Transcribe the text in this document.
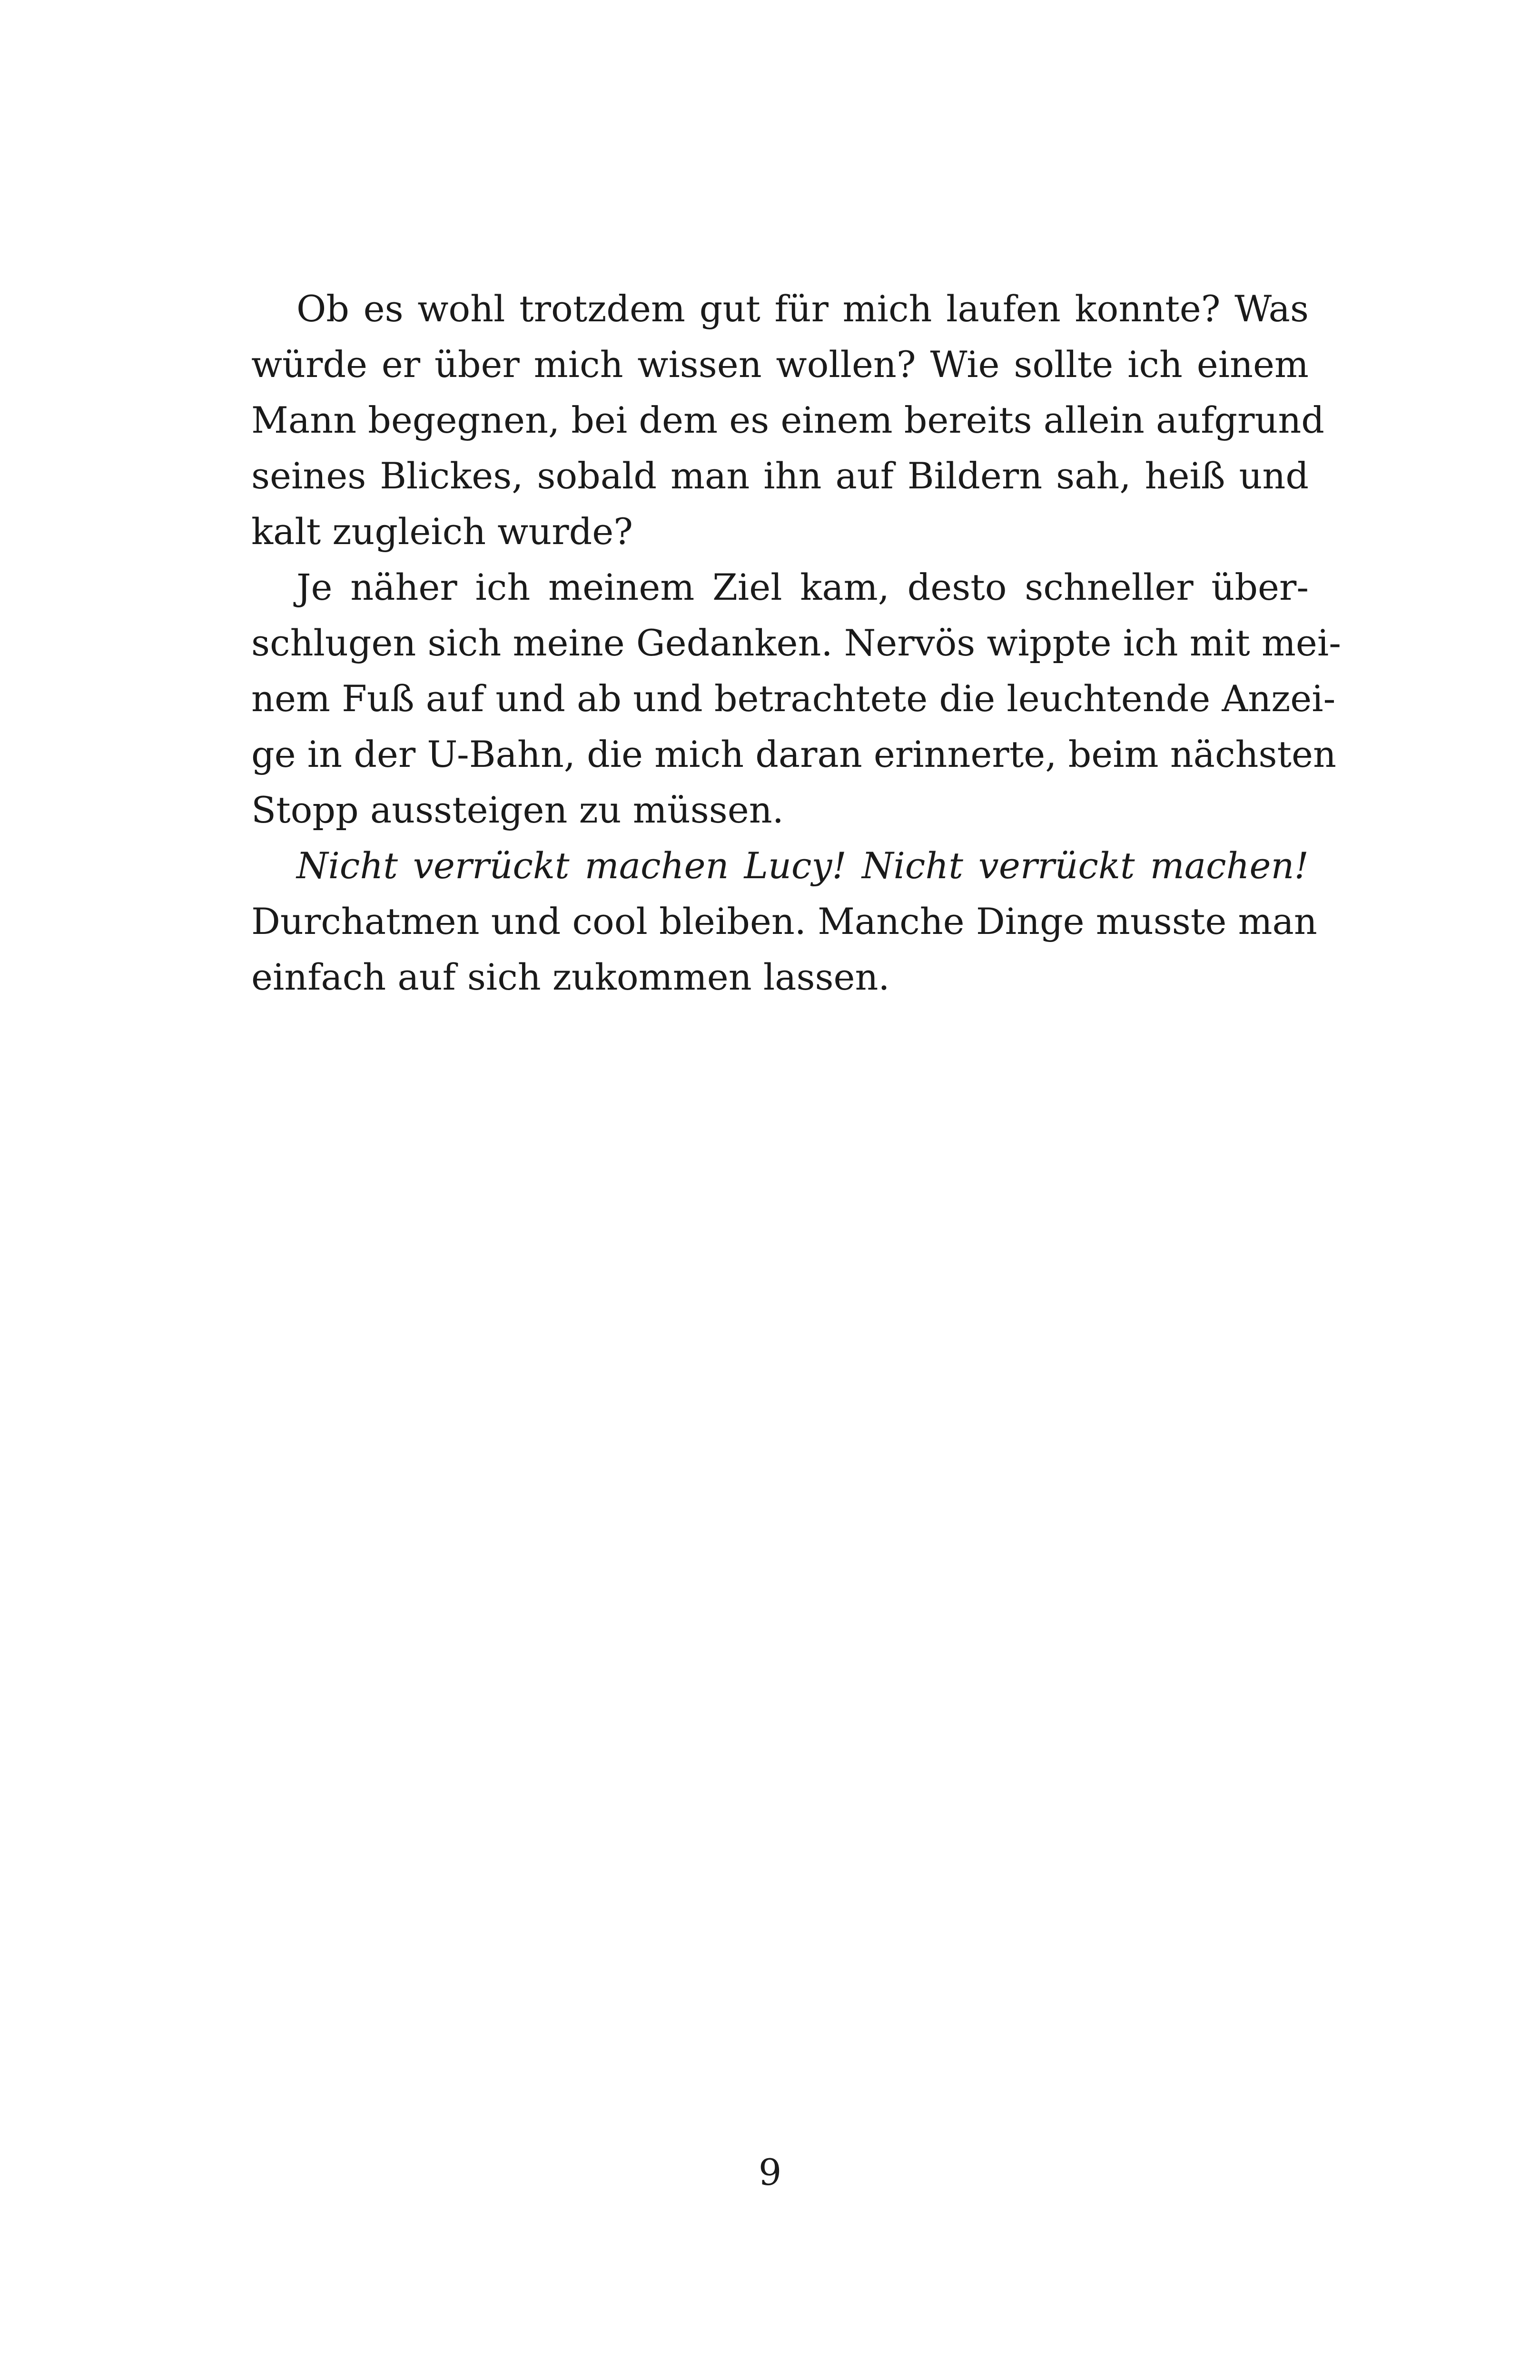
Ob es wohl trotzdem gut für mich laufen konnte? Was
würde er über mich wissen wollen? Wie sollte ich einem
Mann begegnen, bei dem es einem bereits allein aufgrund
seines Blickes, sobald man ihn auf Bildern sah, heiß und
kalt zugleich wurde?
Je näher ich meinem Ziel kam, desto schneller über-
schlugen sich meine Gedanken. Nervös wippte ich mit mei-
nem Fuß auf und ab und betrachtete die leuchtende Anzei-
ge in der U-Bahn, die mich daran erinnerte, beim nächsten
Stopp aussteigen zu müssen.
Nicht verrückt machen Lucy! Nicht verrückt machen!
Durchatmen und cool bleiben. Manche Dinge musste man
einfach auf sich zukommen lassen.
9
